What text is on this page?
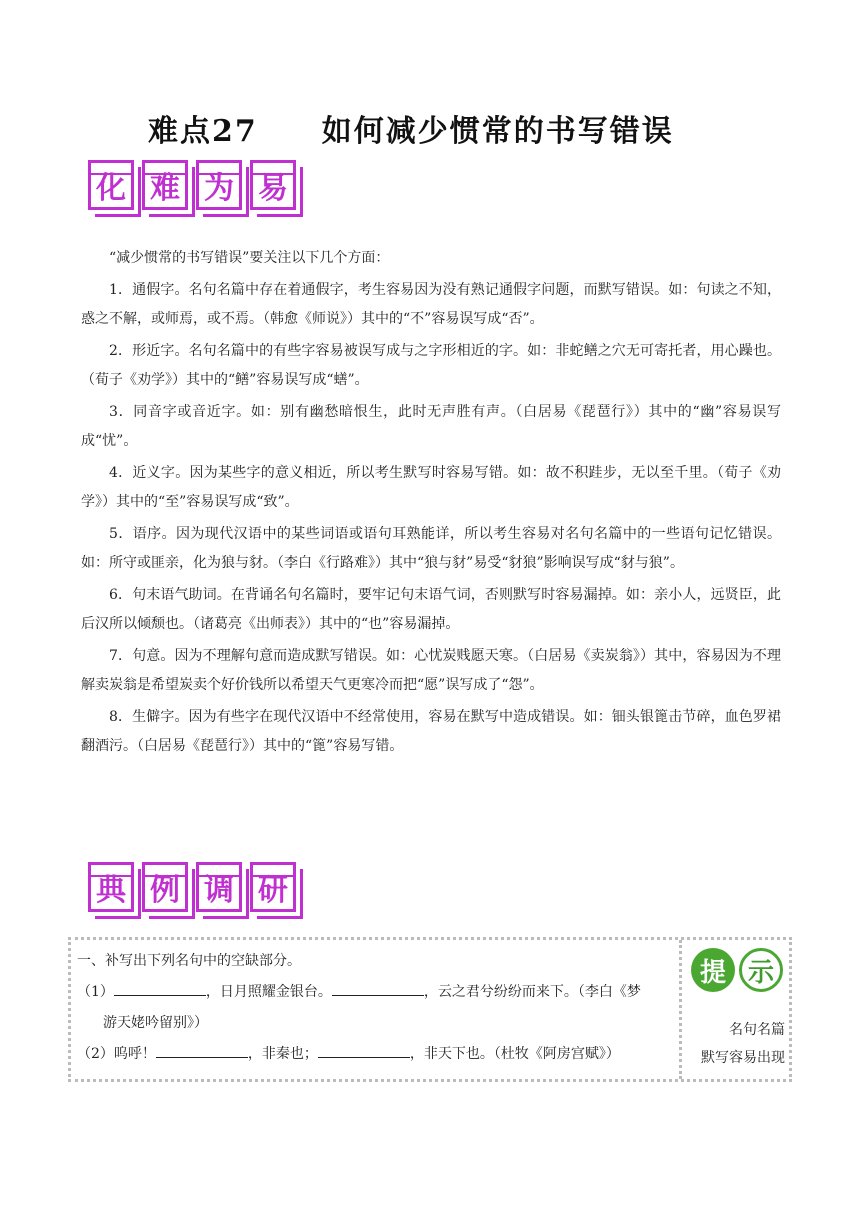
难点27 如何减少惯常的书写错误
化 难 为 易

“减少惯常的书写错误”要关注以下几个方面：

1．通假字。名句名篇中存在着通假字，考生容易因为没有熟记通假字问题，而默写错误。如：句读之不知，惑之不解，或师焉，或不焉。（韩愈《师说》）其中的“不”容易误写成“否”。

2．形近字。名句名篇中的有些字容易被误写成与之字形相近的字。如：非蛇鳝之穴无可寄托者，用心躁也。（荀子《劝学》）其中的“鳝”容易误写成“蟮”。

3．同音字或音近字。如：别有幽愁暗恨生，此时无声胜有声。（白居易《琵琶行》）其中的“幽”容易误写成“忧”。

4．近义字。因为某些字的意义相近，所以考生默写时容易写错。如：故不积跬步，无以至千里。（荀子《劝学》）其中的“至”容易误写成“致”。

5．语序。因为现代汉语中的某些词语或语句耳熟能详，所以考生容易对名句名篇中的一些语句记忆错误。如：所守或匪亲，化为狼与豺。（李白《行路难》）其中“狼与豺”易受“豺狼”影响误写成“豺与狼”。

6．句末语气助词。在背诵名句名篇时，要牢记句末语气词，否则默写时容易漏掉。如：亲小人，远贤臣，此后汉所以倾颓也。（诸葛亮《出师表》）其中的“也”容易漏掉。

7．句意。因为不理解句意而造成默写错误。如：心忧炭贱愿天寒。（白居易《卖炭翁》）其中，容易因为不理解卖炭翁是希望炭卖个好价钱所以希望天气更寒冷而把“愿”误写成了“怨”。

8．生僻字。因为有些字在现代汉语中不经常使用，容易在默写中造成错误。如：钿头银篦击节碎，血色罗裙翻酒污。（白居易《琵琶行》）其中的“篦”容易写错。

典 例 调 研
一、补写出下列名句中的空缺部分。
（1）	，日月照耀金银台。	，云之君兮纷纷而来下。（李白《梦
游天姥吟留别》）
（2）呜呼！	，非秦也；	，非天下也。（杜牧《阿房宫赋》）
提 示
名句名篇
默写容易出现
